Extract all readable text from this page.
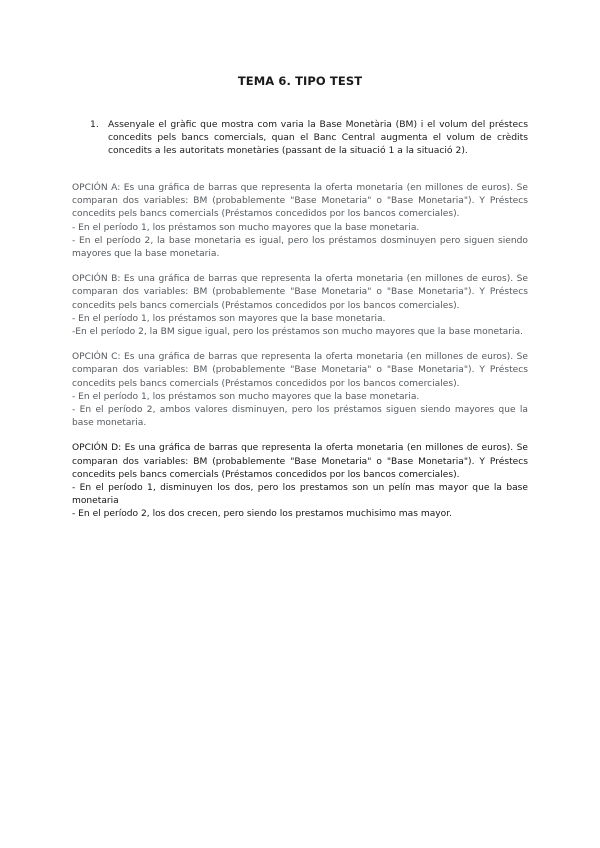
TEMA 6. TIPO TEST
1.	Assenyale el gràfic que mostra com varia la Base Monetària (BM) i el volum del préstecs concedits pels bancs comercials, quan el Banc Central augmenta el volum de crèdits concedits a les autoritats monetàries (passant de la situació 1 a la situació 2).

OPCIÓN A: Es una gráfica de barras que representa la oferta monetaria (en millones de euros). Se comparan dos variables: BM (probablemente "Base Monetaria" o "Base Monetaria"). Y Préstecs concedits pels bancs comercials (Préstamos concedidos por los bancos comerciales).

- En el período 1, los préstamos son mucho mayores que la base monetaria.

- En el período 2, la base monetaria es igual, pero los préstamos dosminuyen pero siguen siendo mayores que la base monetaria.

OPCIÓN B: Es una gráfica de barras que representa la oferta monetaria (en millones de euros). Se comparan dos variables: BM (probablemente "Base Monetaria" o "Base Monetaria"). Y Préstecs concedits pels bancs comercials (Préstamos concedidos por los bancos comerciales).

- En el período 1, los préstamos son mayores que la base monetaria.

-En el período 2, la BM sigue igual, pero los préstamos son mucho mayores que la base monetaria.

OPCIÓN C: Es una gráfica de barras que representa la oferta monetaria (en millones de euros). Se comparan dos variables: BM (probablemente "Base Monetaria" o "Base Monetaria"). Y Préstecs concedits pels bancs comercials (Préstamos concedidos por los bancos comerciales).

- En el período 1, los préstamos son mucho mayores que la base monetaria.

- En el período 2, ambos valores disminuyen, pero los préstamos siguen siendo mayores que la base monetaria.

OPCIÓN D: Es una gráfica de barras que representa la oferta monetaria (en millones de euros). Se comparan dos variables: BM (probablemente "Base Monetaria" o "Base Monetaria"). Y Préstecs concedits pels bancs comercials (Préstamos concedidos por los bancos comerciales).

- En el período 1, disminuyen los dos, pero los prestamos son un pelín mas mayor que la base monetaria

- En el período 2, los dos crecen, pero siendo los prestamos muchisimo mas mayor.
